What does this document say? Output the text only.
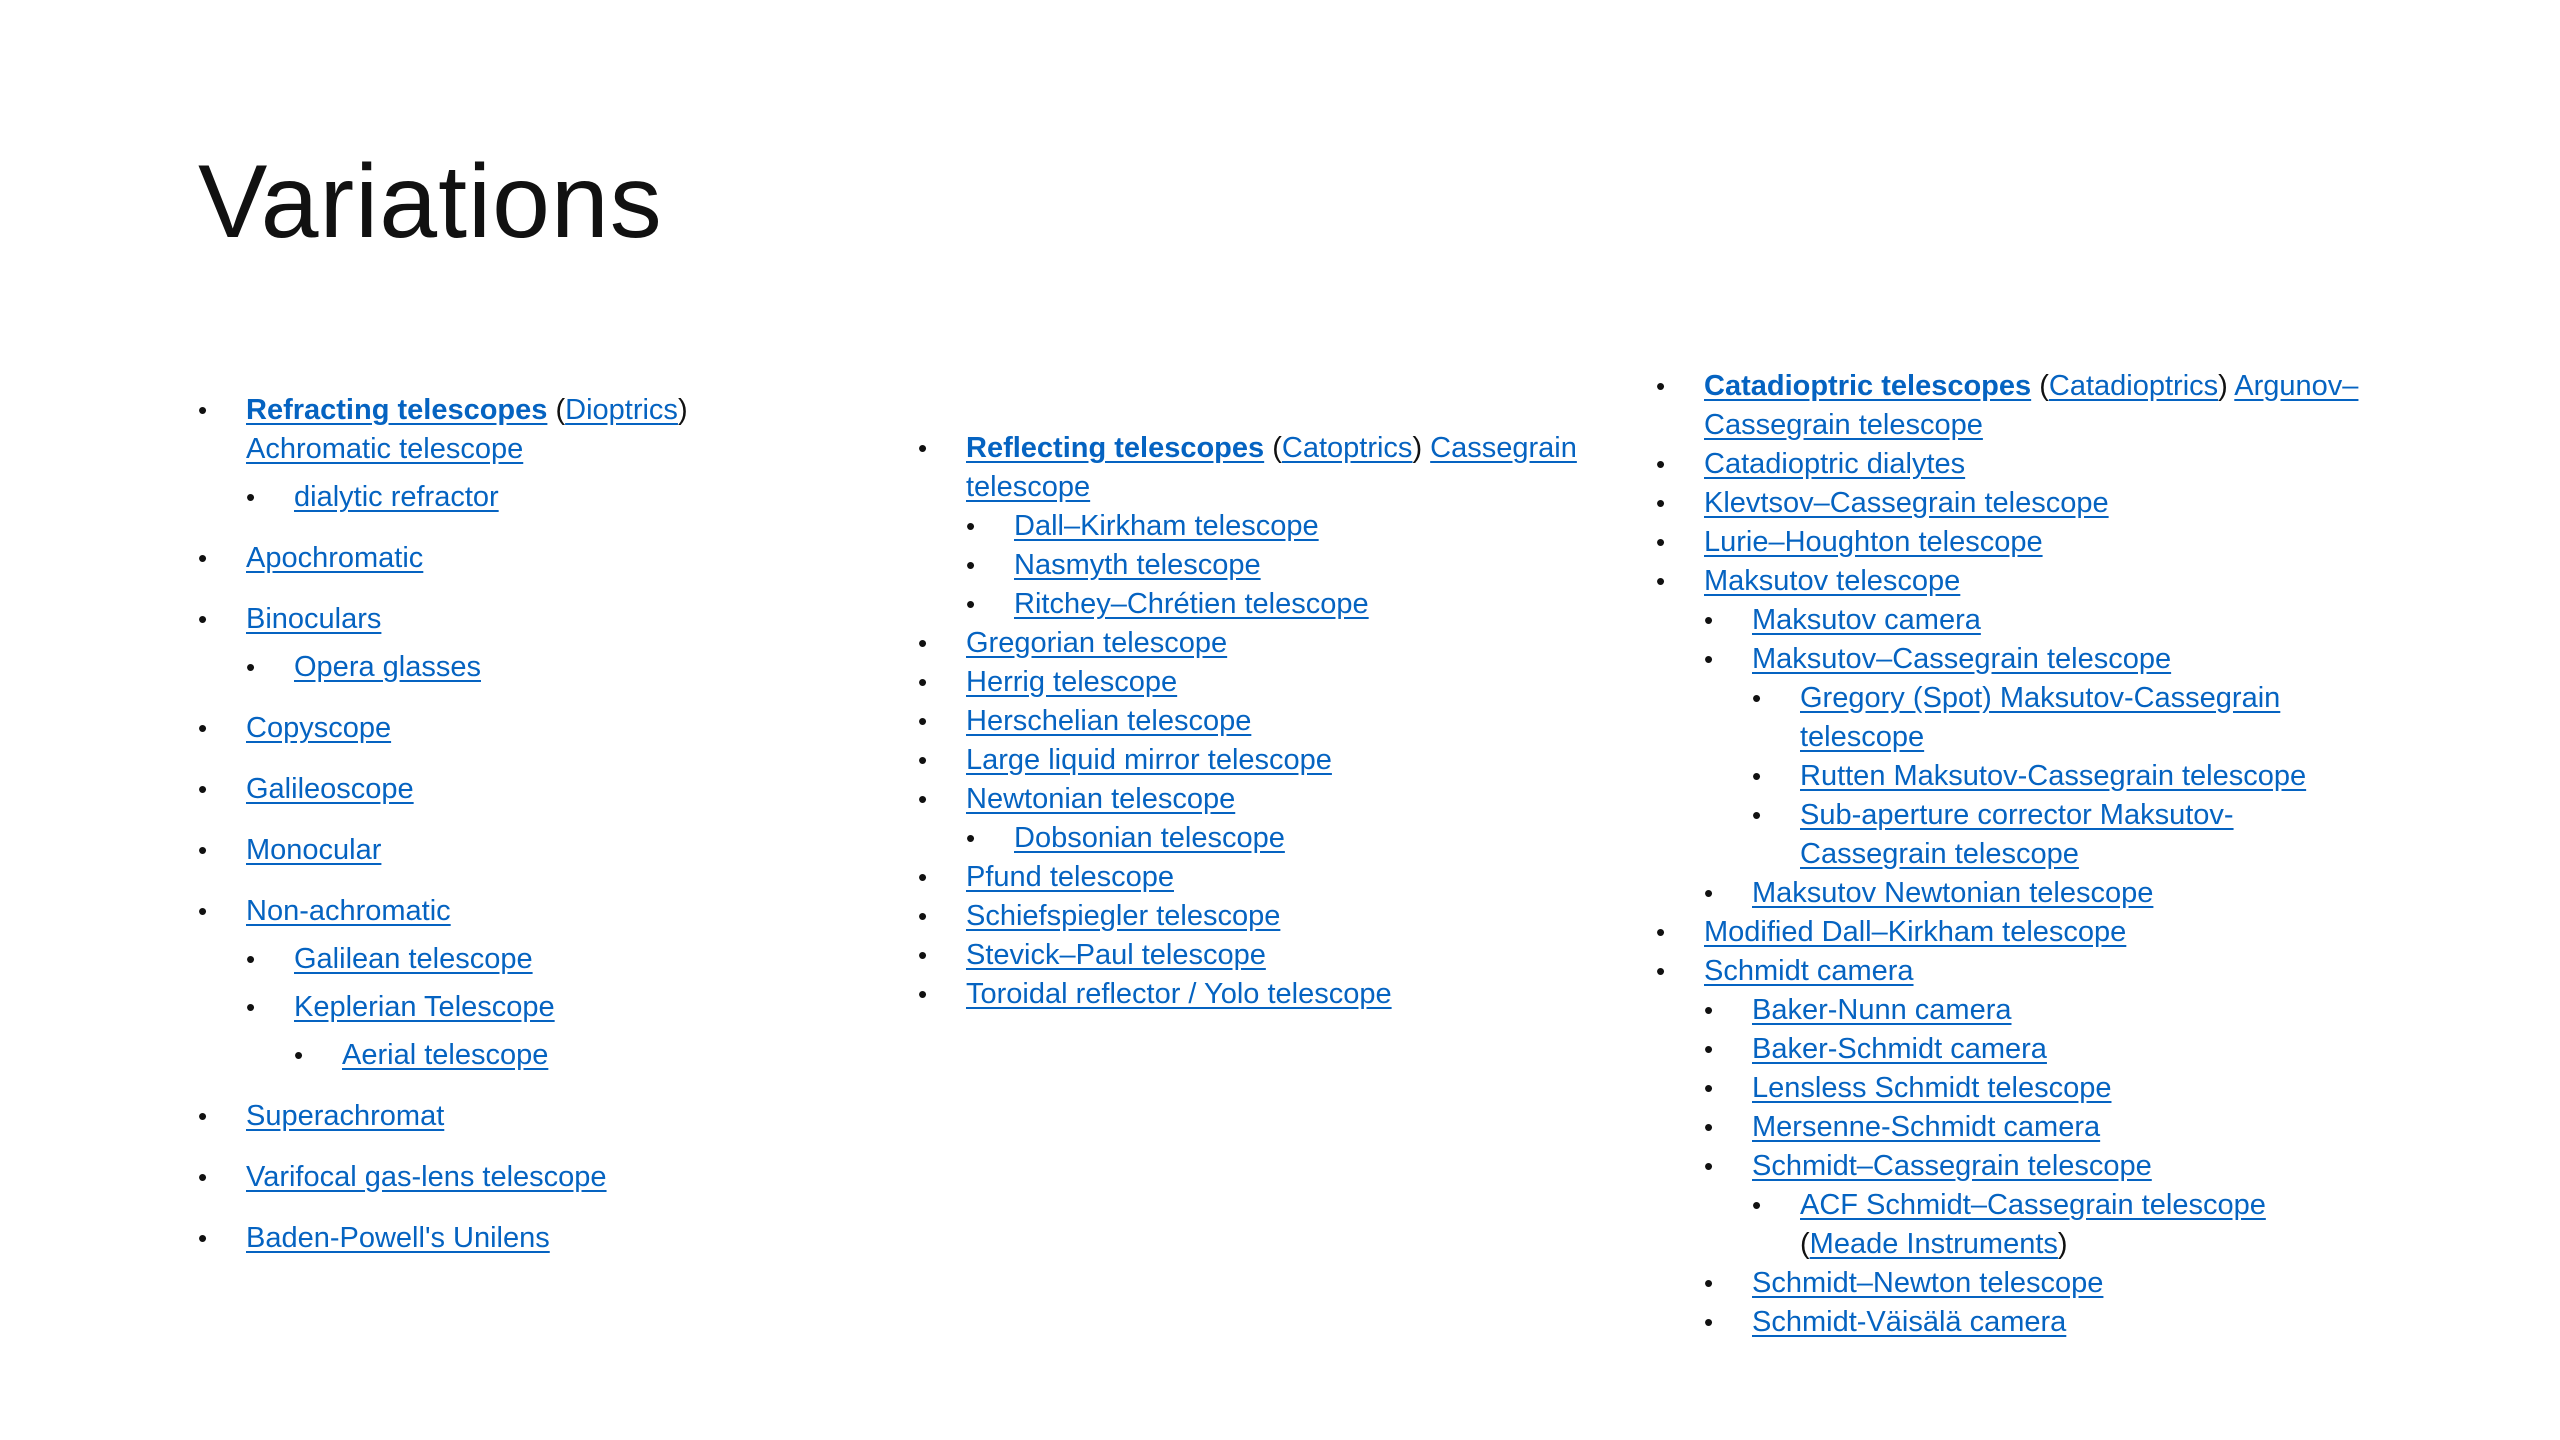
Variations
• Refracting telescopes (Dioptrics)
Achromatic telescope
• dialytic refractor
• Apochromatic
• Binoculars
• Opera glasses
• Copyscope
• Galileoscope
• Monocular
• Non-achromatic
• Galilean telescope
• Keplerian Telescope
• Aerial telescope
• Superachromat
• Varifocal gas-lens telescope
• Baden-Powell's Unilens
• Reflecting telescopes (Catoptrics) Cassegrain
telescope
• Dall–Kirkham telescope
• Nasmyth telescope
• Ritchey–Chrétien telescope
• Gregorian telescope
• Herrig telescope
• Herschelian telescope
• Large liquid mirror telescope
• Newtonian telescope
• Dobsonian telescope
• Pfund telescope
• Schiefspiegler telescope
• Stevick–Paul telescope
• Toroidal reflector / Yolo telescope
• Catadioptric telescopes (Catadioptrics) Argunov–
Cassegrain telescope
• Catadioptric dialytes
• Klevtsov–Cassegrain telescope
• Lurie–Houghton telescope
• Maksutov telescope
• Maksutov camera
• Maksutov–Cassegrain telescope
• Gregory (Spot) Maksutov-Cassegrain
telescope
• Rutten Maksutov-Cassegrain telescope
• Sub-aperture corrector Maksutov-
Cassegrain telescope
• Maksutov Newtonian telescope
• Modified Dall–Kirkham telescope
• Schmidt camera
• Baker-Nunn camera
• Baker-Schmidt camera
• Lensless Schmidt telescope
• Mersenne-Schmidt camera
• Schmidt–Cassegrain telescope
• ACF Schmidt–Cassegrain telescope
(Meade Instruments)
• Schmidt–Newton telescope
• Schmidt-Väisälä camera
